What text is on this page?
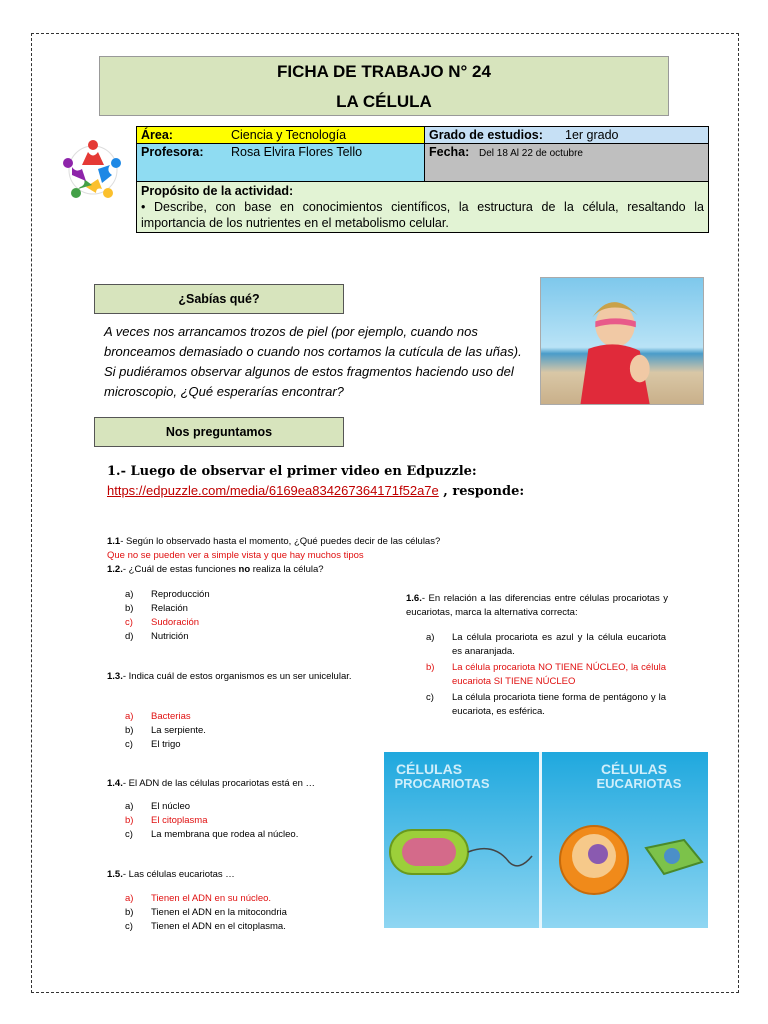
FICHA DE TRABAJO N° 24
LA CÉLULA
Área: Ciencia y Tecnología	Grado de estudios: 1er grado
Profesora: Rosa Elvira Flores Tello	Fecha: Del 18 Al 22 de octubre

Propósito de la actividad:
• Describe, con base en conocimientos científicos, la estructura de la célula, resaltando la importancia de los nutrientes en el metabolismo celular.	
¿Sabías qué?
A veces nos arrancamos trozos de piel (por ejemplo, cuando nos bronceamos demasiado o cuando nos cortamos la cutícula de las uñas). Si pudiéramos observar algunos de estos fragmentos haciendo uso del microscopio, ¿Qué esperarías encontrar?
Nos preguntamos
1.- Luego de observar el primer video en Edpuzzle:
https://edpuzzle.com/media/6169ea834267364171f52a7e , responde:
1.1- Según lo observado hasta el momento, ¿Qué puedes decir de las células?
Que no se pueden ver a simple vista y que hay muchos tipos
1.2.- ¿Cuál de estas funciones no realiza la célula?
a)	Reproducción
b)	Relación
c)	Sudoración
d)	Nutrición
1.3.- Indica cuál de estos organismos es un ser unicelular.
a)	Bacterias
b)	La serpiente.
c)	El trigo
1.4.- El ADN de las células procariotas está en …
a)	El núcleo
b)	El citoplasma
c)	La membrana que rodea al núcleo.
1.5.- Las células eucariotas …
a)	Tienen el ADN en su núcleo.
b)	Tienen el ADN en la mitocondria
c)	Tienen el ADN en el citoplasma.
1.6.- En relación a las diferencias entre células procariotas y eucariotas, marca la alternativa correcta:
a)	La célula procariota es azul y la célula eucariota es anaranjada.
b)	La célula procariota NO TIENE NÚCLEO, la célula eucariota SI TIENE NÚCLEO
c)	La célula procariota tiene forma de pentágono y la eucariota, es esférica.
CÉLULAS
PROCARIOTAS
CÉLULAS
EUCARIOTAS
